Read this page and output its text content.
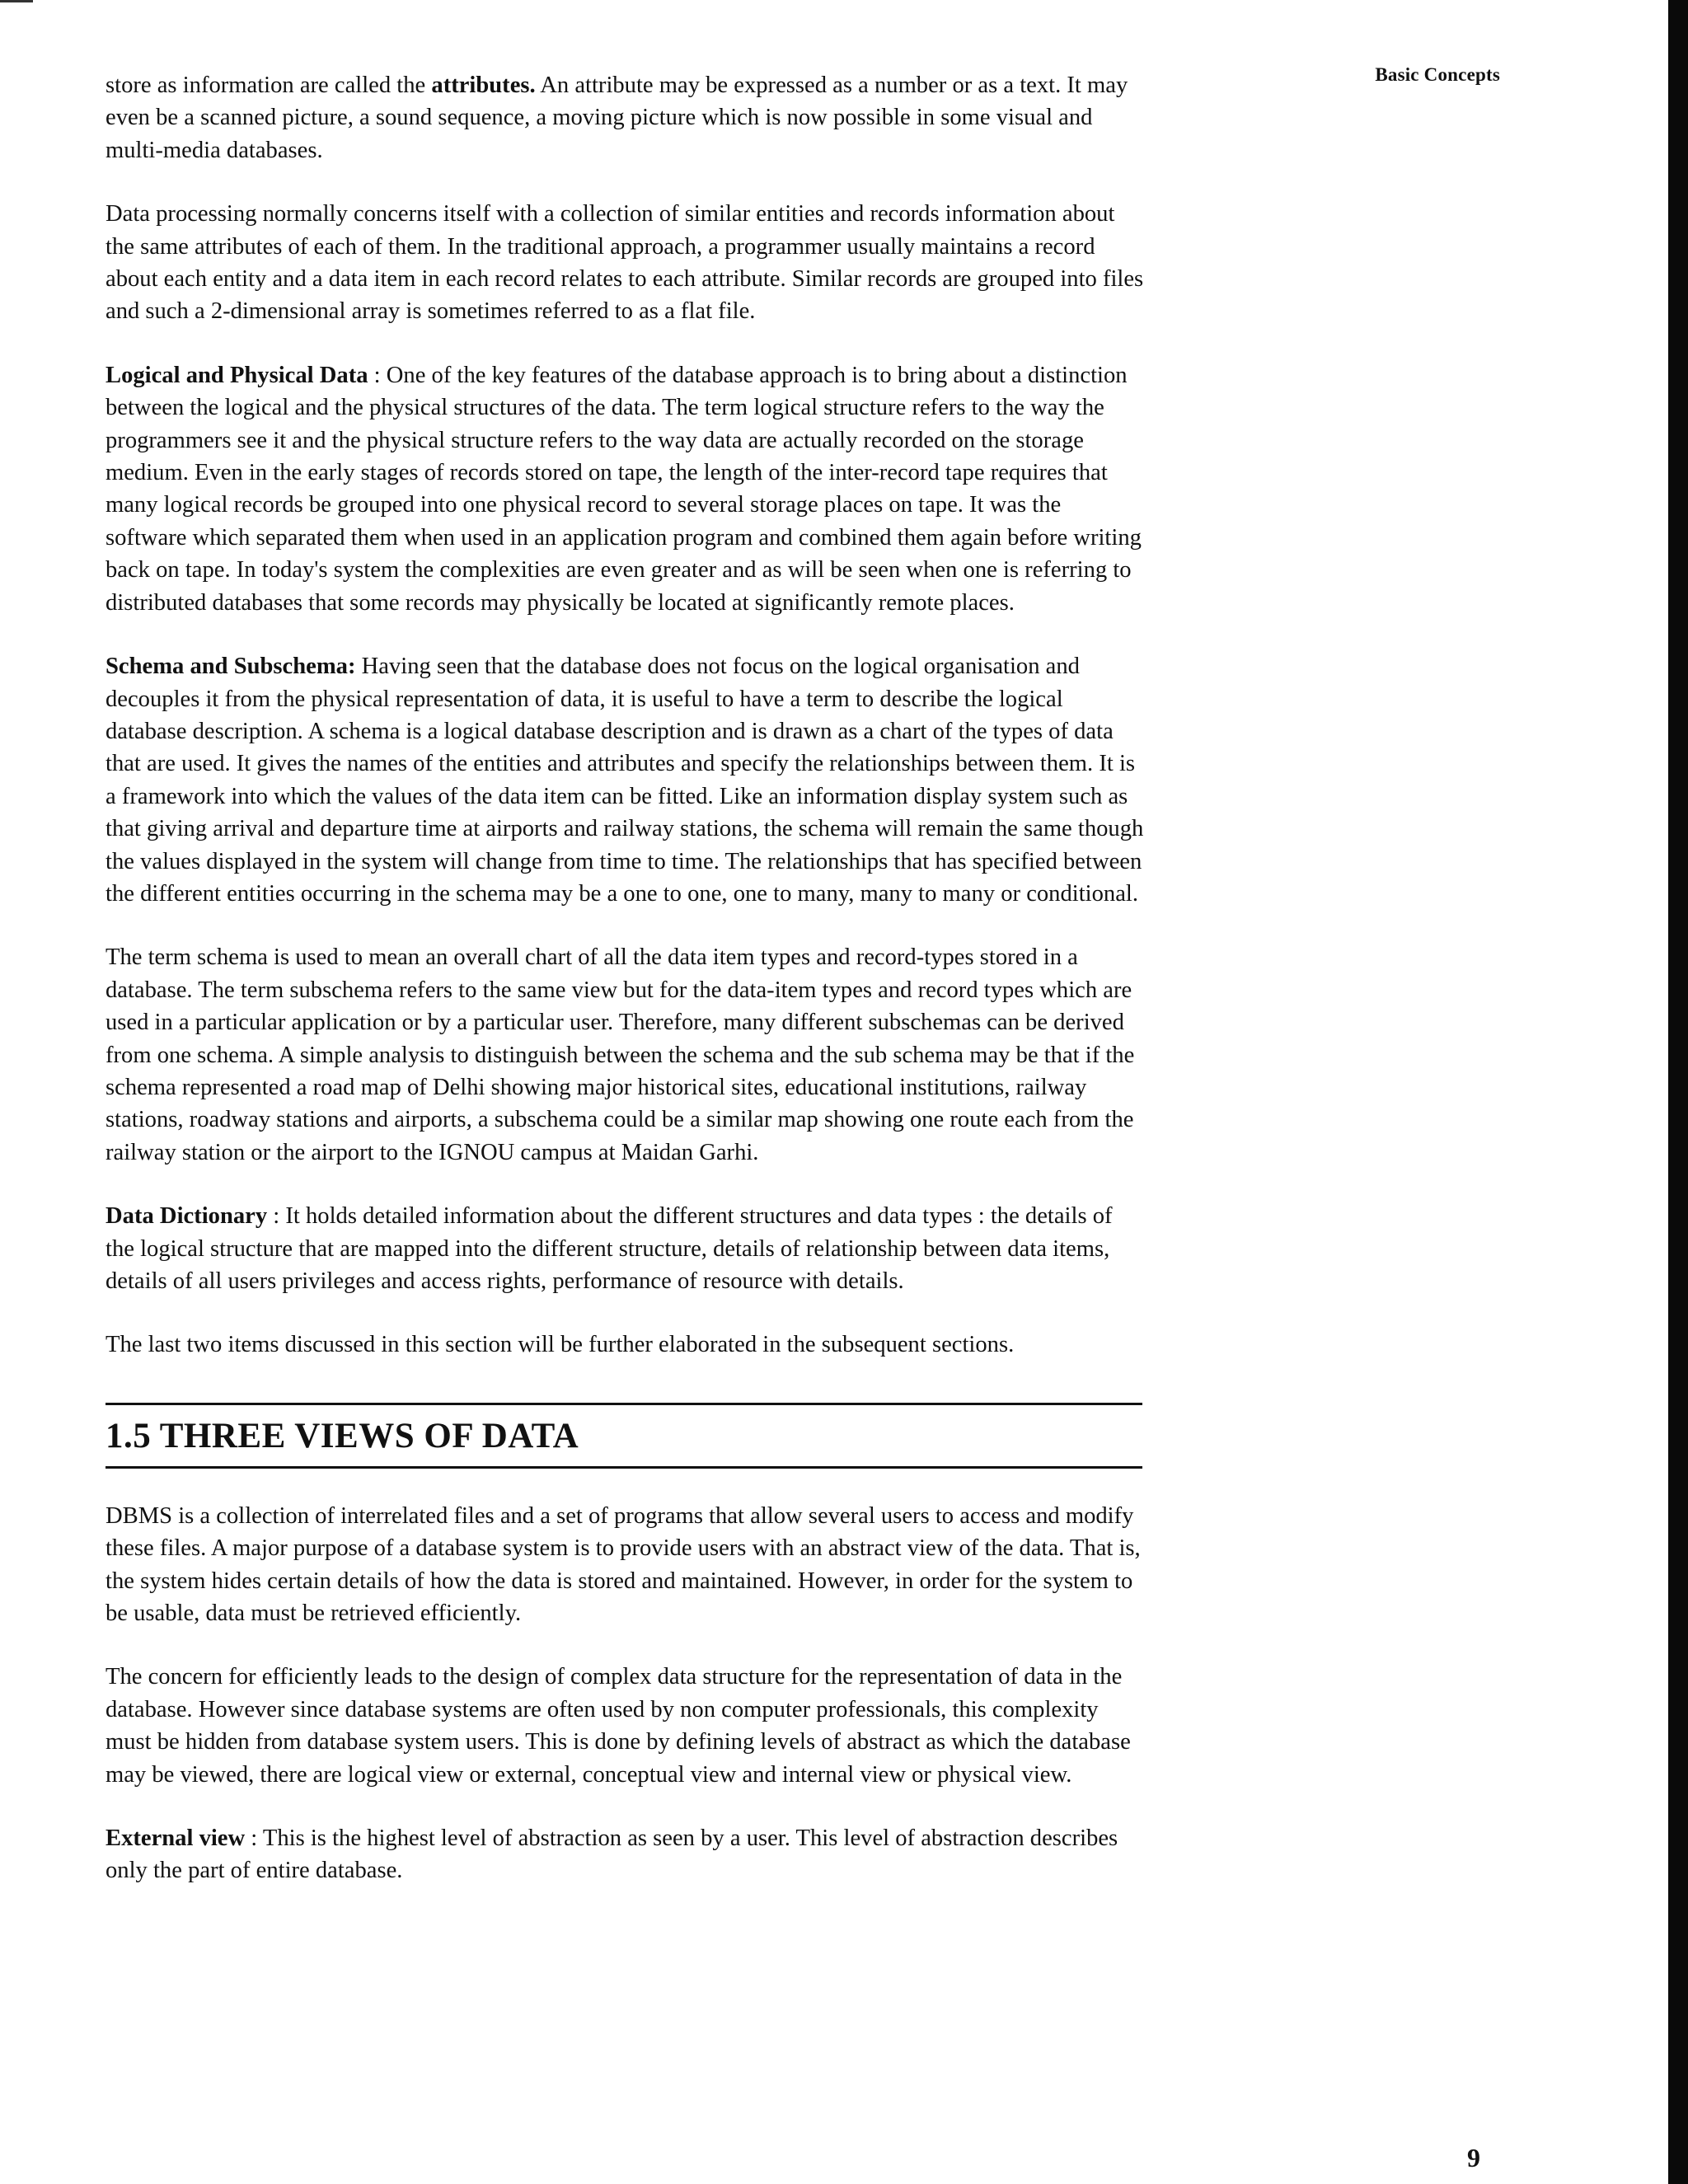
Basic Concepts

store as information are called the attributes. An attribute may be expressed as a number or as a text. It may even be a scanned picture, a sound sequence, a moving picture which is now possible in some visual and multi-media databases.

Data processing normally concerns itself with a collection of similar entities and records information about the same attributes of each of them. In the traditional approach, a programmer usually maintains a record about each entity and a data item in each record relates to each attribute. Similar records are grouped into files and such a 2-dimensional array is sometimes referred to as a flat file.

Logical and Physical Data : One of the key features of the database approach is to bring about a distinction between the logical and the physical structures of the data. The term logical structure refers to the way the programmers see it and the physical structure refers to the way data are actually recorded on the storage medium. Even in the early stages of records stored on tape, the length of the inter-record tape requires that many logical records be grouped into one physical record to several storage places on tape. It was the software which separated them when used in an application program and combined them again before writing back on tape. In today's system the complexities are even greater and as will be seen when one is referring to distributed databases that some records may physically be located at significantly remote places.

Schema and Subschema: Having seen that the database does not focus on the logical organisation and decouples it from the physical representation of data, it is useful to have a term to describe the logical database description. A schema is a logical database description and is drawn as a chart of the types of data that are used. It gives the names of the entities and attributes and specify the relationships between them. It is a framework into which the values of the data item can be fitted. Like an information display system such as that giving arrival and departure time at airports and railway stations, the schema will remain the same though the values displayed in the system will change from time to time. The relationships that has specified between the different entities occurring in the schema may be a one to one, one to many, many to many or conditional.

The term schema is used to mean an overall chart of all the data item types and record-types stored in a database. The term subschema refers to the same view but for the data-item types and record types which are used in a particular application or by a particular user. Therefore, many different subschemas can be derived from one schema. A simple analysis to distinguish between the schema and the sub schema may be that if the schema represented a road map of Delhi showing major historical sites, educational institutions, railway stations, roadway stations and airports, a subschema could be a similar map showing one route each from the railway station or the airport to the IGNOU campus at Maidan Garhi.

Data Dictionary : It holds detailed information about the different structures and data types : the details of the logical structure that are mapped into the different structure, details of relationship between data items, details of all users privileges and access rights, performance of resource with details.

The last two items discussed in this section will be further elaborated in the subsequent sections.

1.5 THREE VIEWS OF DATA

DBMS is a collection of interrelated files and a set of programs that allow several users to access and modify these files. A major purpose of a database system is to provide users with an abstract view of the data. That is, the system hides certain details of how the data is stored and maintained. However, in order for the system to be usable, data must be retrieved efficiently.

The concern for efficiently leads to the design of complex data structure for the representation of data in the database. However since database systems are often used by non computer professionals, this complexity must be hidden from database system users. This is done by defining levels of abstract as which the database may be viewed, there are logical view or external, conceptual view and internal view or physical view.

External view : This is the highest level of abstraction as seen by a user. This level of abstraction describes only the part of entire database.

9
